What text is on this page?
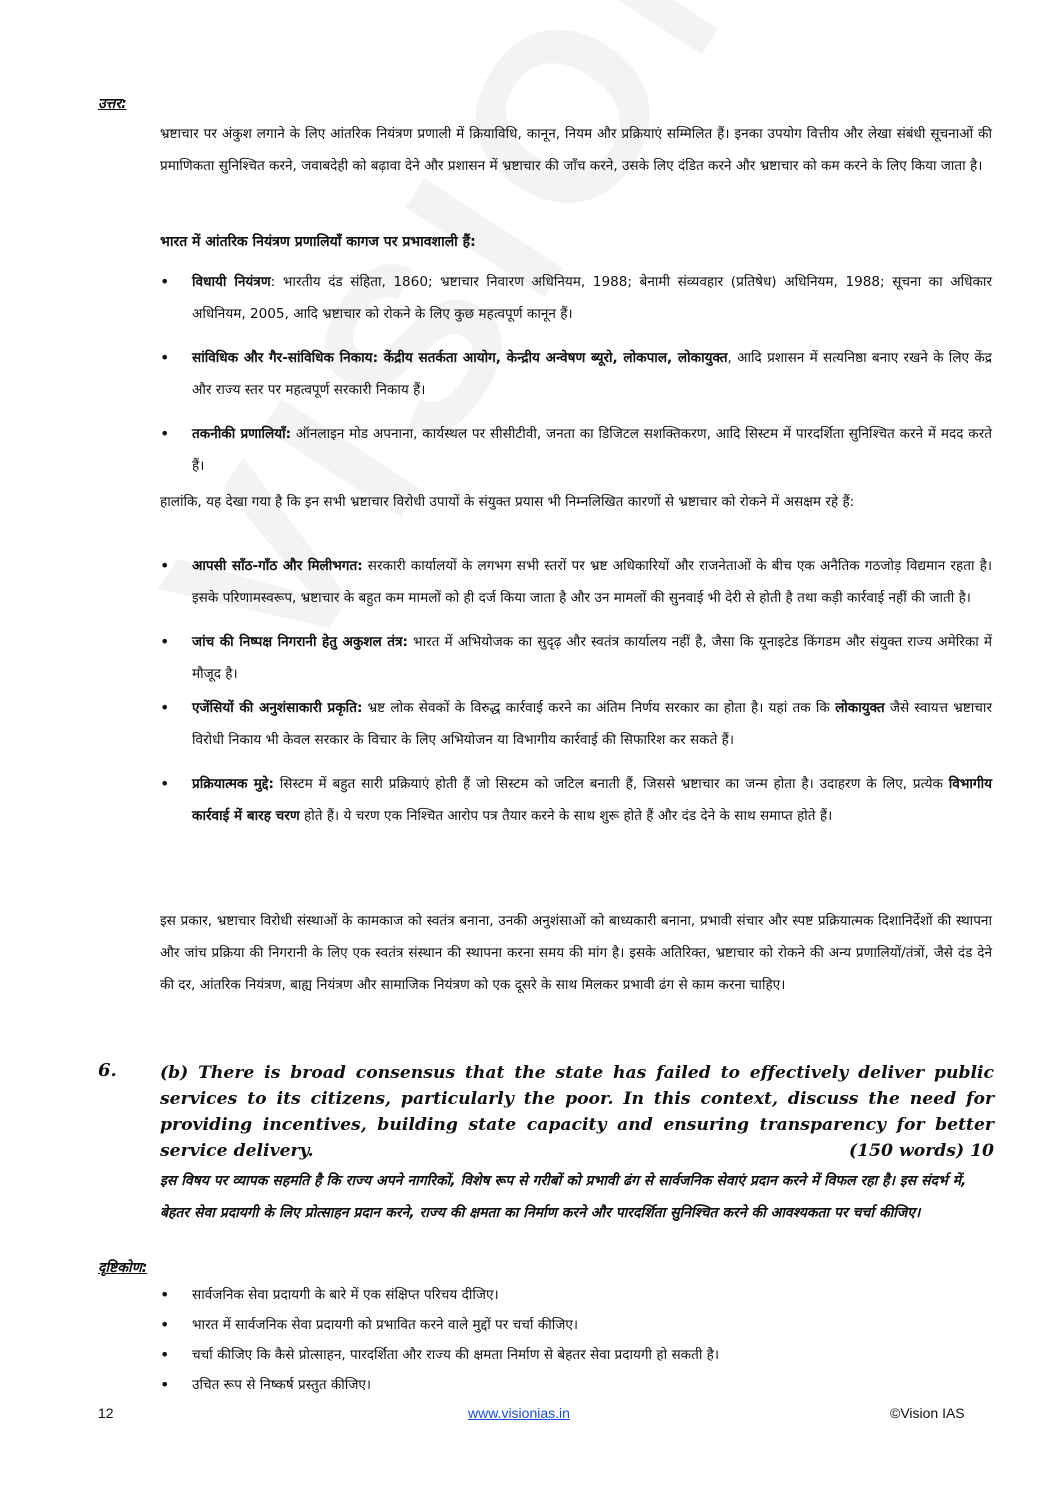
उत्तर:

भ्रष्टाचार पर अंकुश लगाने के लिए आंतरिक नियंत्रण प्रणाली में क्रियाविधि, कानून, नियम और प्रक्रियाएं सम्मिलित हैं। इनका उपयोग वित्तीय और लेखा संबंधी सूचनाओं की प्रमाणिकता सुनिश्चित करने, जवाबदेही को बढ़ावा देने और प्रशासन में भ्रष्टाचार की जाँच करने, उसके लिए दंडित करने और भ्रष्टाचार को कम करने के लिए किया जाता है।

भारत में आंतरिक नियंत्रण प्रणालियाँ कागज पर प्रभावशाली हैं:
• विधायी नियंत्रण: भारतीय दंड संहिता, 1860; भ्रष्टाचार निवारण अधिनियम, 1988; बेनामी संव्यवहार (प्रतिषेध) अधिनियम, 1988; सूचना का अधिकार अधिनियम, 2005, आदि भ्रष्टाचार को रोकने के लिए कुछ महत्वपूर्ण कानून हैं।
• सांविधिक और गैर-सांविधिक निकाय: केंद्रीय सतर्कता आयोग, केन्द्रीय अन्वेषण ब्यूरो, लोकपाल, लोकायुक्त, आदि प्रशासन में सत्यनिष्ठा बनाए रखने के लिए केंद्र और राज्य स्तर पर महत्वपूर्ण सरकारी निकाय हैं।
• तकनीकी प्रणालियाँ: ऑनलाइन मोड अपनाना, कार्यस्थल पर सीसीटीवी, जनता का डिजिटल सशक्तिकरण, आदि सिस्टम में पारदर्शिता सुनिश्चित करने में मदद करते हैं।

हालांकि, यह देखा गया है कि इन सभी भ्रष्टाचार विरोधी उपायों के संयुक्त प्रयास भी निम्नलिखित कारणों से भ्रष्टाचार को रोकने में असक्षम रहे हैं:

• आपसी साँठ-गाँठ और मिलीभगत: सरकारी कार्यालयों के लगभग सभी स्तरों पर भ्रष्ट अधिकारियों और राजनेताओं के बीच एक अनैतिक गठजोड़ विद्यमान रहता है। इसके परिणामस्वरूप, भ्रष्टाचार के बहुत कम मामलों को ही दर्ज किया जाता है और उन मामलों की सुनवाई भी देरी से होती है तथा कड़ी कार्रवाई नहीं की जाती है।
• जांच की निष्पक्ष निगरानी हेतु अकुशल तंत्र: भारत में अभियोजक का सुदृढ़ और स्वतंत्र कार्यालय नहीं है, जैसा कि यूनाइटेड किंगडम और संयुक्त राज्य अमेरिका में मौजूद है।
• एजेंसियों की अनुशंसाकारी प्रकृति: भ्रष्ट लोक सेवकों के विरुद्ध कार्रवाई करने का अंतिम निर्णय सरकार का होता है। यहां तक कि लोकायुक्त जैसे स्वायत्त भ्रष्टाचार विरोधी निकाय भी केवल सरकार के विचार के लिए अभियोजन या विभागीय कार्रवाई की सिफारिश कर सकते हैं।
• प्रक्रियात्मक मुद्दे: सिस्टम में बहुत सारी प्रक्रियाएं होती हैं जो सिस्टम को जटिल बनाती हैं, जिससे भ्रष्टाचार का जन्म होता है। उदाहरण के लिए, प्रत्येक विभागीय कार्रवाई में बारह चरण होते हैं। ये चरण एक निश्चित आरोप पत्र तैयार करने के साथ शुरू होते हैं और दंड देने के साथ समाप्त होते हैं।

इस प्रकार, भ्रष्टाचार विरोधी संस्थाओं के कामकाज को स्वतंत्र बनाना, उनकी अनुशंसाओं को बाध्यकारी बनाना, प्रभावी संचार और स्पष्ट प्रक्रियात्मक दिशानिर्देशों की स्थापना और जांच प्रक्रिया की निगरानी के लिए एक स्वतंत्र संस्थान की स्थापना करना समय की मांग है। इसके अतिरिक्त, भ्रष्टाचार को रोकने की अन्य प्रणालियों/तंत्रों, जैसे दंड देने की दर, आंतरिक नियंत्रण, बाह्य नियंत्रण और सामाजिक नियंत्रण को एक दूसरे के साथ मिलकर प्रभावी ढंग से काम करना चाहिए।

6.	(b) There is broad consensus that the state has failed to effectively deliver public services to its citizens, particularly the poor. In this context, discuss the need for providing incentives, building state capacity and ensuring transparency for better service delivery.	(150 words) 10

इस विषय पर व्यापक सहमति है कि राज्य अपने नागरिकों, विशेष रूप से गरीबों को प्रभावी ढंग से सार्वजनिक सेवाएं प्रदान करने में विफल रहा है। इस संदर्भ में, बेहतर सेवा प्रदायगी के लिए प्रोत्साहन प्रदान करने, राज्य की क्षमता का निर्माण करने और पारदर्शिता सुनिश्चित करने की आवश्यकता पर चर्चा कीजिए।

दृष्टिकोण:
• सार्वजनिक सेवा प्रदायगी के बारे में एक संक्षिप्त परिचय दीजिए।
• भारत में सार्वजनिक सेवा प्रदायगी को प्रभावित करने वाले मुद्दों पर चर्चा कीजिए।
• चर्चा कीजिए कि कैसे प्रोत्साहन, पारदर्शिता और राज्य की क्षमता निर्माण से बेहतर सेवा प्रदायगी हो सकती है।
• उचित रूप से निष्कर्ष प्रस्तुत कीजिए।
12	www.visionias.in	©Vision IAS
